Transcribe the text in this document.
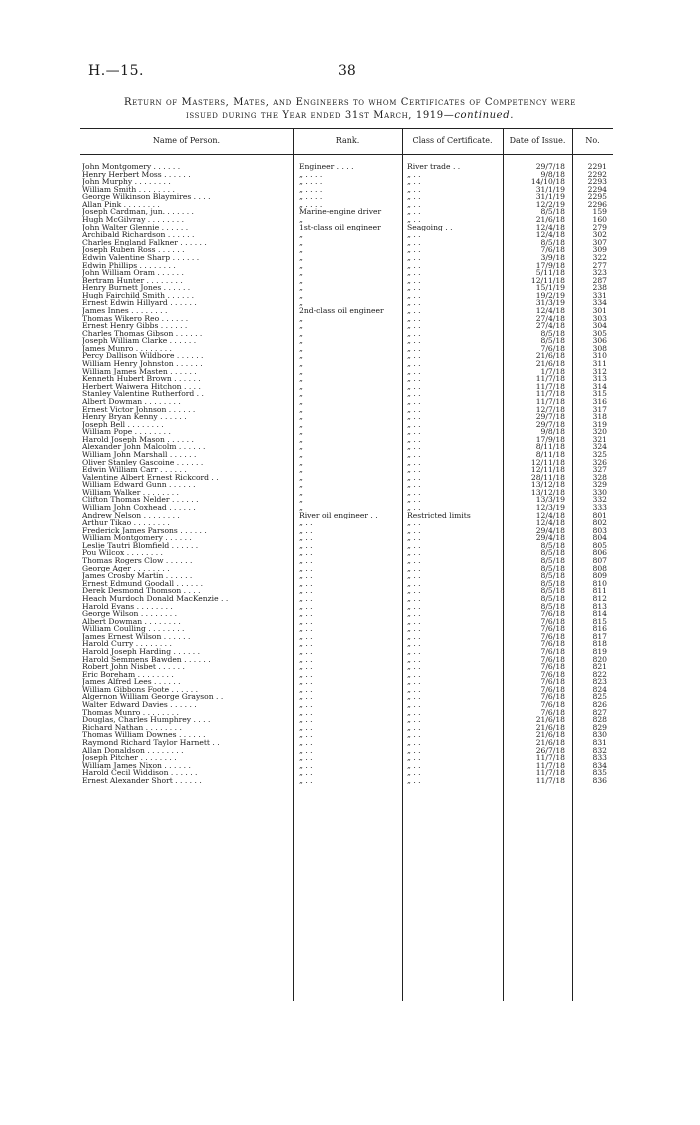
H.—15.	38
Return of Masters, Mates, and Engineers to whom Certificates of Competency were
issued during the Year ended 31st March, 1919—continued.
Name of Person.	Rank.	Class of Certificate.	Date of Issue.	No.
John Montgomery . . . . . .	Engineer . . . .	River trade . .	29/7/18	2291
Henry Herbert Moss . . . . . .	„ . . . .	„ . .	9/8/18	2292
John Murphy . . . . . . . .	„ . . . .	„ . .	14/10/18	2293
William Smith . . . . . . . .	„ . . . .	„ . .	31/1/19	2294
George Wilkinson Blaymires . . . .	„ . . . .	„ . .	31/1/19	2295
Allan Pink . . . . . . . .	„ . . . .	„ . .	12/2/19	2296
Joseph Cardman, jun. . . . . . .	Marine-engine driver	„ . .	8/5/18	159
Hugh McGilvray . . . . . . . .	„	„ . .	21/6/18	160
John Walter Glennie . . . . . .	1st-class oil engineer	Seagoing . .	12/4/18	279
Archibald Richardson . . . . . .	„	„ . .	12/4/18	302
Charles England Falkner . . . . . .	„	„ . .	8/5/18	307
Joseph Ruben Ross . . . . . .	„	„ . .	7/6/18	309
Edwin Valentine Sharp . . . . . .	„	„ . .	3/9/18	322
Edwin Phillips . . . . . . . .	„	„ . .	17/9/18	277
John William Oram . . . . . .	„	„ . .	5/11/18	323
Bertram Hunter . . . . . . . .	„	„ . .	12/11/18	287
Henry Burnett Jones . . . . . .	„	„ . .	15/1/19	238
Hugh Fairchild Smith . . . . . .	„	„ . .	19/2/19	331
Ernest Edwin Hillyard . . . . . .	„	„ . .	31/3/19	334
James Innes . . . . . . . .	2nd-class oil engineer	„ . .	12/4/18	301
Thomas Wikero Reo . . . . . .	„	„ . .	27/4/18	303
Ernest Henry Gibbs . . . . . .	„	„ . .	27/4/18	304
Charles Thomas Gibson . . . . . .	„	„ . .	8/5/18	305
Joseph William Clarke . . . . . .	„	„ . .	8/5/18	306
James Munro . . . . . . . .	„	„ . .	7/6/18	308
Percy Dallison Wildbore . . . . . .	„	„ . .	21/6/18	310
William Henry Johnston . . . . . .	„	„ . .	21/6/18	311
William James Masten . . . . . .	„	„ . .	1/7/18	312
Kenneth Hubert Brown . . . . . .	„	„ . .	11/7/18	313
Herbert Waiwera Hitchon . . . .	„	„ . .	11/7/18	314
Stanley Valentine Rutherford . .	„	„ . .	11/7/18	315
Albert Dowman . . . . . . . .	„	„ . .	11/7/18	316
Ernest Victor Johnson . . . . . .	„	„ . .	12/7/18	317
Henry Bryan Kenny . . . . . .	„	„ . .	29/7/18	318
Joseph Bell . . . . . . . .	„	„ . .	29/7/18	319
William Pope . . . . . . . .	„	„ . .	9/8/18	320
Harold Joseph Mason . . . . . .	„	„ . .	17/9/18	321
Alexander John Malcolm . . . . . .	„	„ . .	8/11/18	324
William John Marshall . . . . . .	„	„ . .	8/11/18	325
Oliver Stanley Gascoine . . . . . .	„	„ . .	12/11/18	326
Edwin William Carr . . . . . .	„	„ . .	12/11/18	327
Valentine Albert Ernest Rickcord . .	„	„ . .	28/11/18	328
William Edward Gunn . . . . . .	„	„ . .	13/12/18	329
William Walker . . . . . . . .	„	„ . .	13/12/18	330
Clifton Thomas Nelder . . . . . .	„	„ . .	13/3/19	332
William John Coxhead . . . . . .	„	„ . .	12/3/19	333
Andrew Nelson . . . . . . . .	River oil engineer . .	Restricted limits	12/4/18	801
Arthur Tikao . . . . . . . .	„ . .	„ . .	12/4/18	802
Frederick James Parsons . . . . . .	„ . .	„ . .	29/4/18	803
William Montgomery . . . . . .	„ . .	„ . .	29/4/18	804
Leslie Tautri Blomfield . . . . . .	„ . .	„ . .	8/5/18	805
Pou Wilcox . . . . . . . .	„ . .	„ . .	8/5/18	806
Thomas Rogers Clow . . . . . .	„ . .	„ . .	8/5/18	807
George Ager . . . . . . . .	„ . .	„ . .	8/5/18	808
James Crosby Martin . . . . . .	„ . .	„ . .	8/5/18	809
Ernest Edmund Goodall . . . . . .	„ . .	„ . .	8/5/18	810
Derek Desmond Thomson . . . .	„ . .	„ . .	8/5/18	811
Heach Murdoch Donald MacKenzie . .	„ . .	„ . .	8/5/18	812
Harold Evans . . . . . . . .	„ . .	„ . .	8/5/18	813
George Wilson . . . . . . . .	„ . .	„ . .	7/6/18	814
Albert Dowman . . . . . . . .	„ . .	„ . .	7/6/18	815
William Coulling . . . . . . . .	„ . .	„ . .	7/6/18	816
James Ernest Wilson . . . . . .	„ . .	„ . .	7/6/18	817
Harold Curry . . . . . . . .	„ . .	„ . .	7/6/18	818
Harold Joseph Harding . . . . . .	„ . .	„ . .	7/6/18	819
Harold Semmens Bawden . . . . . .	„ . .	„ . .	7/6/18	820
Robert John Nisbet . . . . . .	„ . .	„ . .	7/6/18	821
Eric Boreham . . . . . . . .	„ . .	„ . .	7/6/18	822
James Alfred Lees . . . . . .	„ . .	„ . .	7/6/18	823
William Gibbons Foote . . . . . .	„ . .	„ . .	7/6/18	824
Algernon William George Grayson . .	„ . .	„ . .	7/6/18	825
Walter Edward Davies . . . . . .	„ . .	„ . .	7/6/18	826
Thomas Munro . . . . . . . .	„ . .	„ . .	7/6/18	827
Douglas, Charles Humphrey . . . .	„ . .	„ . .	21/6/18	828
Richard Nathan . . . . . . . .	„ . .	„ . .	21/6/18	829
Thomas William Downes . . . . . .	„ . .	„ . .	21/6/18	830
Raymond Richard Taylor Harnett . .	„ . .	„ . .	21/6/18	831
Allan Donaldson . . . . . . . .	„ . .	„ . .	26/7/18	832
Joseph Pitcher . . . . . . . .	„ . .	„ . .	11/7/18	833
William James Nixon . . . . . .	„ . .	„ . .	11/7/18	834
Harold Cecil Widdison . . . . . .	„ . .	„ . .	11/7/18	835
Ernest Alexander Short . . . . . .	„ . .	„ . .	11/7/18	836
